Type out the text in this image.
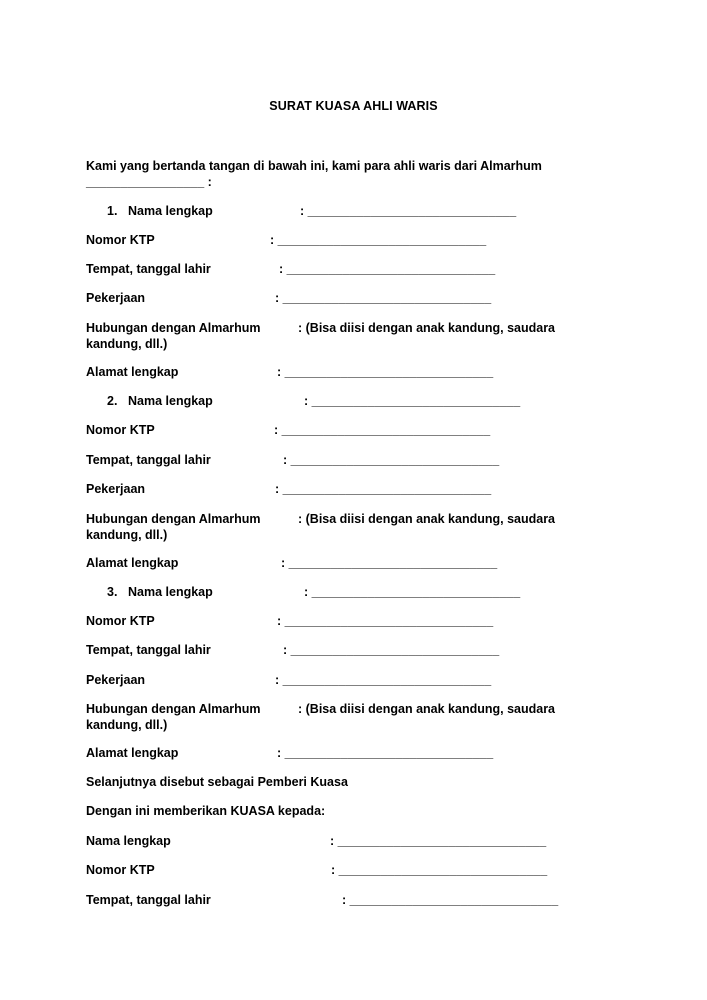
SURAT KUASA AHLI WARIS
Kami yang bertanda tangan di bawah ini, kami para ahli waris dari Almarhum _________________ :
1. Nama lengkap	: ______________________________
Nomor KTP	: ______________________________
Tempat, tanggal lahir	: ______________________________
Pekerjaan	: ______________________________
Hubungan dengan Almarhum	: (Bisa diisi dengan anak kandung, saudara kandung, dll.)
Alamat lengkap	: ______________________________
2. Nama lengkap	: ______________________________
Nomor KTP	: ______________________________
Tempat, tanggal lahir	: ______________________________
Pekerjaan	: ______________________________
Hubungan dengan Almarhum	: (Bisa diisi dengan anak kandung, saudara kandung, dll.)
Alamat lengkap	: ______________________________
3. Nama lengkap	: ______________________________
Nomor KTP	: ______________________________
Tempat, tanggal lahir	: ______________________________
Pekerjaan	: ______________________________
Hubungan dengan Almarhum	: (Bisa diisi dengan anak kandung, saudara kandung, dll.)
Alamat lengkap	: ______________________________
Selanjutnya disebut sebagai Pemberi Kuasa
Dengan ini memberikan KUASA kepada:
Nama lengkap	: ______________________________
Nomor KTP	: ______________________________
Tempat, tanggal lahir	: ______________________________
